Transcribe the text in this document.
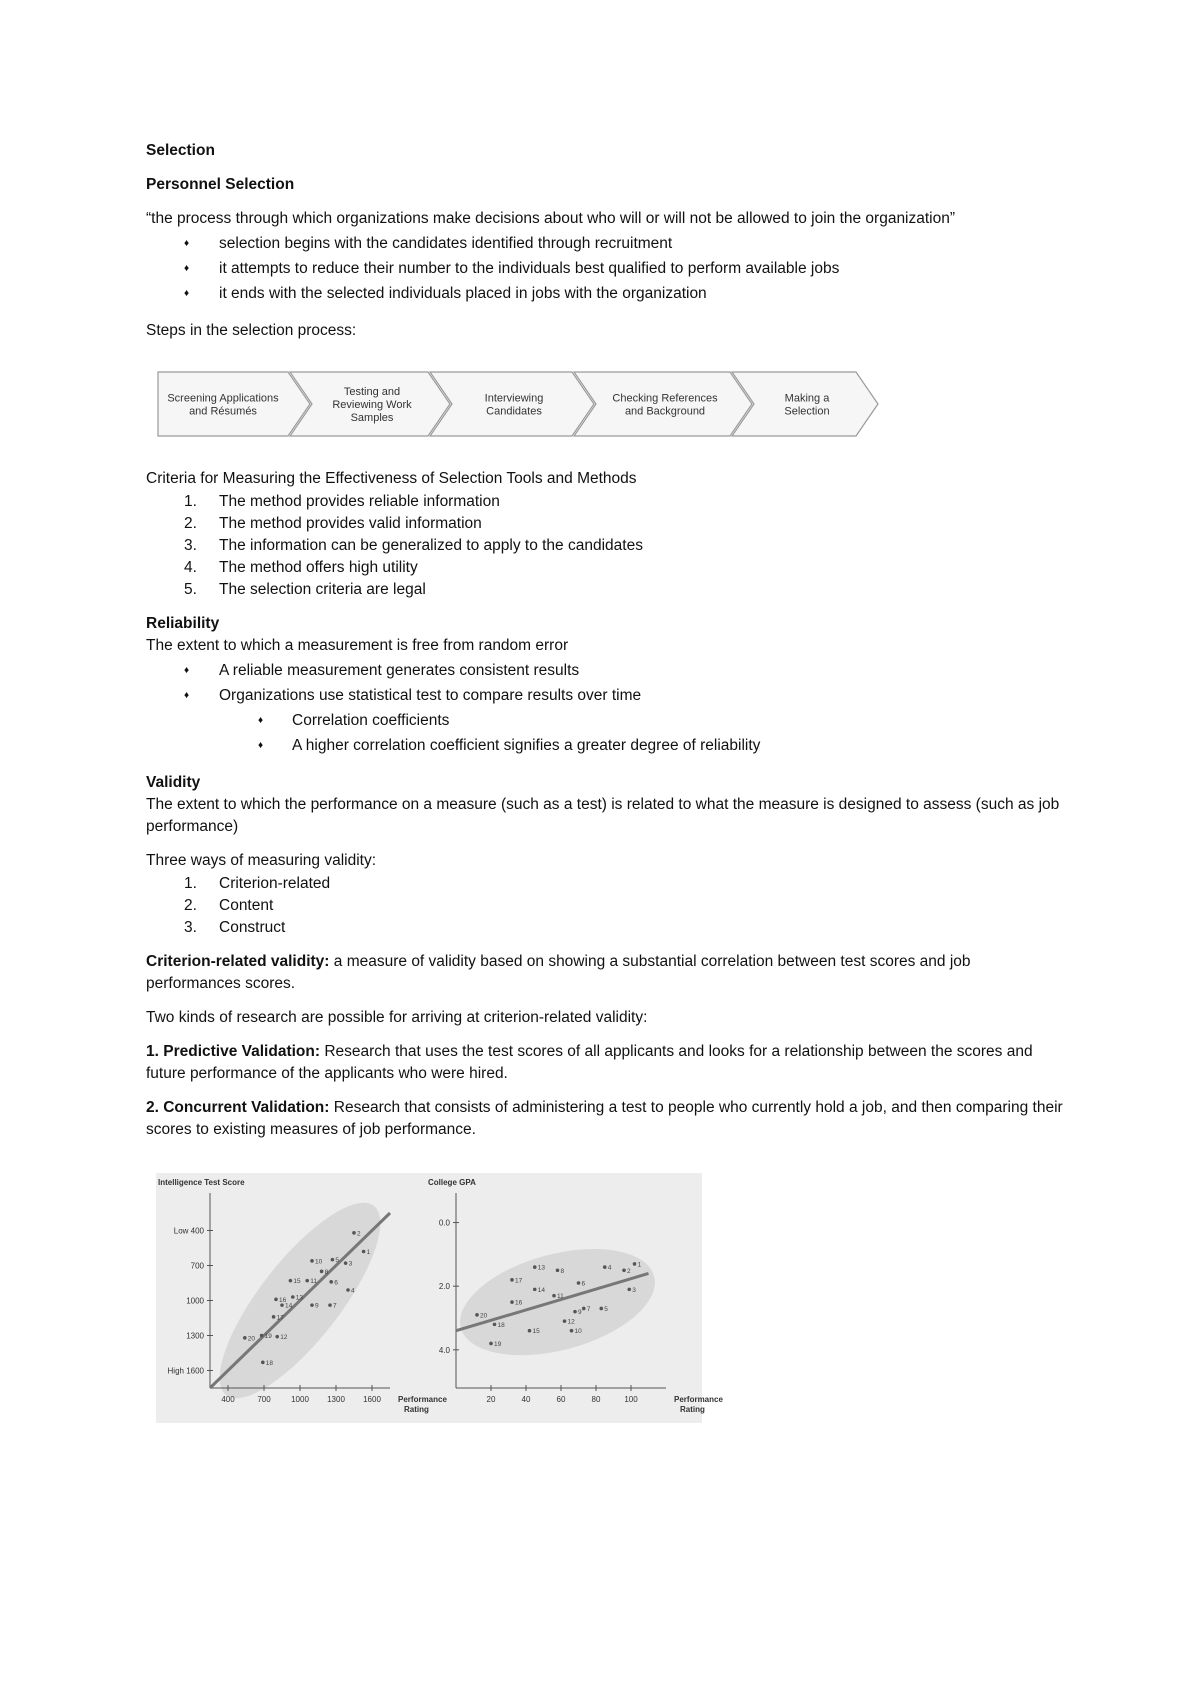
Selection

Personnel Selection

“the process through which organizations make decisions about who will or will not be allowed to join the organization”

♦ selection begins with the candidates identified through recruitment
♦ it attempts to reduce their number to the individuals best qualified to perform available jobs
♦ it ends with the selected individuals placed in jobs with the organization

Steps in the selection process:

Screening Applications and Résumés
Testing and Reviewing Work Samples
Interviewing Candidates
Checking References and Background
Making a Selection

Criteria for Measuring the Effectiveness of Selection Tools and Methods

1. The method provides reliable information
2. The method provides valid information
3. The information can be generalized to apply to the candidates
4. The method offers high utility
5. The selection criteria are legal

Reliability

The extent to which a measurement is free from random error

♦ A reliable measurement generates consistent results
♦ Organizations use statistical test to compare results over time
♦ Correlation coefficients
♦ A higher correlation coefficient signifies a greater degree of reliability

Validity

The extent to which the performance on a measure (such as a test) is related to what the measure is designed to assess (such as job performance)

Three ways of measuring validity:

1. Criterion-related
2. Content
3. Construct

Criterion-related validity: a measure of validity based on showing a substantial correlation between test scores and job performances scores.

Two kinds of research are possible for arriving at criterion-related validity:

1. Predictive Validation: Research that uses the test scores of all applicants and looks for a relationship between the scores and future performance of the applicants who were hired.

2. Concurrent Validation: Research that consists of administering a test to people who currently hold a job, and then comparing their scores to existing measures of job performance.

Intelligence Test Score
Low 400
700
1000
1300
High 1600
400	700	1000 1300 1600 Performance Rating
2
1
10 5 3
8
15 11	6
4
16 13
14	9 7
17
19 12
20
18
College GPA
0.0
2.0
4.0
20	40	60	80	100	Performance Rating
1
4 2
13 8
17	6
14	3
11
16
7
9	5
20
18	12
15	10
19
